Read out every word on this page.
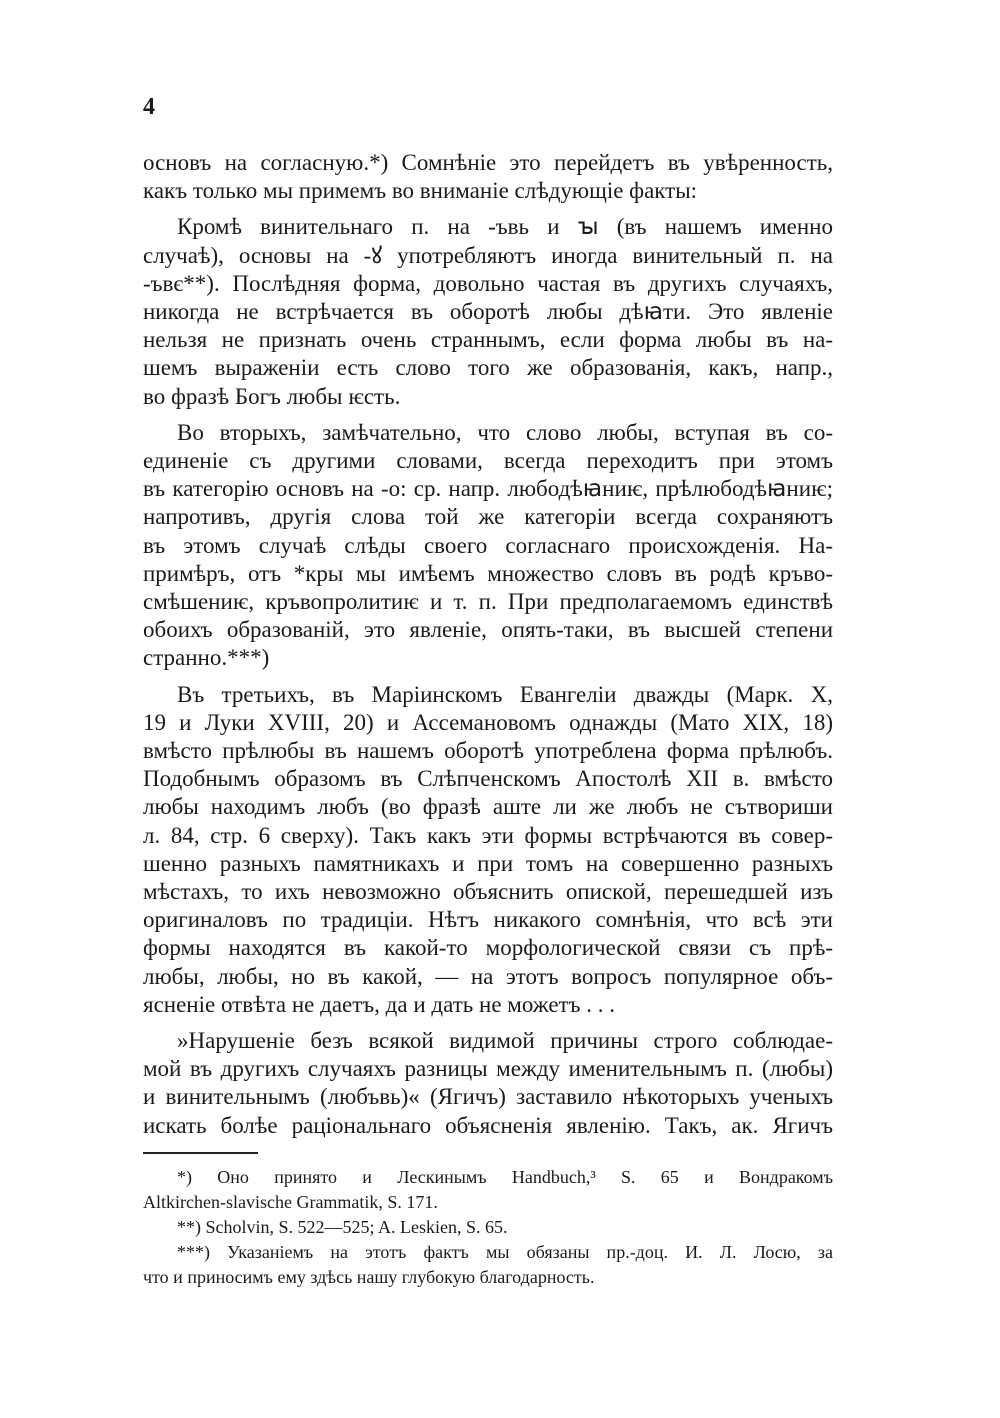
4
основъ на согласную.*) Сомнѣніе это перейдетъ въ увѣренность,
какъ только мы примемъ во вниманіе слѣдующіе факты:
Кромѣ винительнаго п. на -ъвь и ꙑ (въ нашемъ именно
случаѣ), основы на -ꙋ употребляютъ иногда винительный п. на
-ъвє**). Послѣдняя форма, довольно частая въ другихъ случаяхъ,
никогда не встрѣчается въ оборотѣ любы дѣꙗти. Это явленіе
нельзя не признать очень страннымъ, если форма любы въ на-
шемъ выраженіи есть слово того же образованія, какъ, напр.,
во фразѣ Богъ любы ѥсть.
Во вторыхъ, замѣчательно, что слово любы, вступая въ со-
единеніе съ другими словами, всегда переходитъ при этомъ
въ категорію основъ на -о: ср. напр. любодѣꙗниѥ, прѣлюбодѣꙗниѥ;
напротивъ, другія слова той же категоріи всегда сохраняютъ
въ этомъ случаѣ слѣды своего согласнаго происхожденія. На-
примѣръ, отъ *кры мы имѣемъ множество словъ въ родѣ кръво-
смѣшениѥ, кръвопролитиѥ и т. п. При предполагаемомъ единствѣ
обоихъ образованій, это явленіе, опять-таки, въ высшей степени
странно.***)
Въ третьихъ, въ Маріинскомъ Евангеліи дважды (Марк. X,
19 и Луки XVIII, 20) и Ассемановомъ однажды (Мато XIX, 18)
вмѣсто прѣлюбы въ нашемъ оборотѣ употреблена форма прѣлюбъ.
Подобнымъ образомъ въ Слѣпченскомъ Апостолѣ XII в. вмѣсто
любы находимъ любъ (во фразѣ аште ли же любъ не сътвориши
л. 84, стр. 6 сверху). Такъ какъ эти формы встрѣчаются въ совер-
шенно разныхъ памятникахъ и при томъ на совершенно разныхъ
мѣстахъ, то ихъ невозможно объяснить опиской, перешедшей изъ
оригиналовъ по традиціи. Нѣтъ никакого сомнѣнія, что всѣ эти
формы находятся въ какой-то морфологической связи съ прѣ-
любы, любы, но въ какой, — на этотъ вопросъ популярное объ-
ясненіе отвѣта не даетъ, да и дать не можетъ . . .
»Нарушеніе безъ всякой видимой причины строго соблюдае-
мой въ другихъ случаяхъ разницы между именительнымъ п. (любы)
и винительнымъ (любъвь)« (Ягичъ) заставило нѣкоторыхъ ученыхъ
искать болѣе раціональнаго объясненія явленію. Такъ, ак. Ягичъ
*) Оно принято и Лескинымъ Handbuch,³ S. 65 и Вондракомъ
Altkirchen-slavische Grammatik, S. 171.
**) Scholvin, S. 522—525; A. Leskien, S. 65.
***) Указаніемъ на этотъ фактъ мы обязаны пр.-доц. И. Л. Лосю, за
что и приносимъ ему здѣсь нашу глубокую благодарность.
